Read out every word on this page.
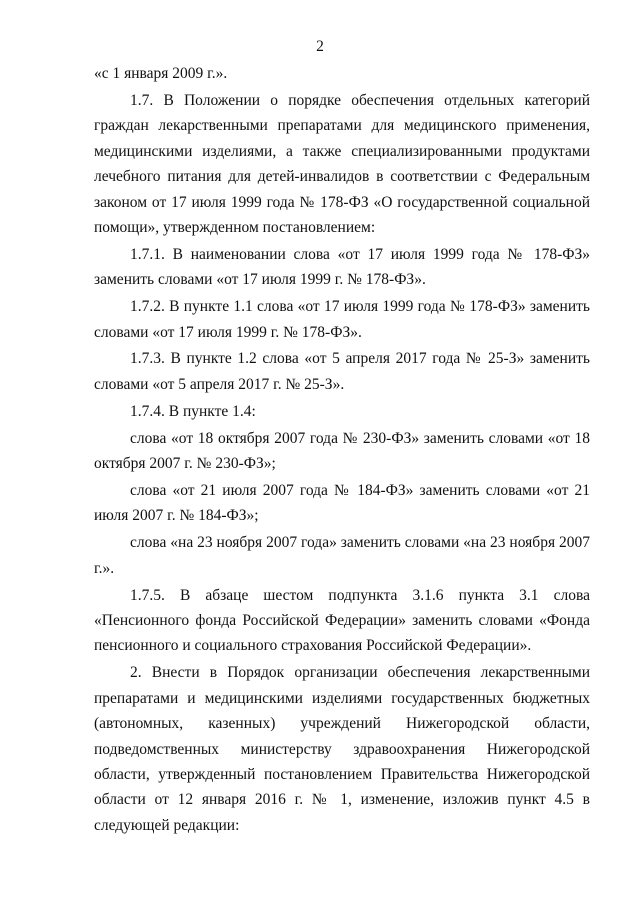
2

«с 1 января 2009 г.».

1.7. В Положении о порядке обеспечения отдельных категорий граждан лекарственными препаратами для медицинского применения, медицинскими изделиями, а также специализированными продуктами лечебного питания для детей-инвалидов в соответствии с Федеральным законом от 17 июля 1999 года № 178-ФЗ «О государственной социальной помощи», утвержденном постановлением:

1.7.1. В наименовании слова «от 17 июля 1999 года № 178-ФЗ» заменить словами «от 17 июля 1999 г. № 178-ФЗ».

1.7.2. В пункте 1.1 слова «от 17 июля 1999 года № 178-ФЗ» заменить словами «от 17 июля 1999 г. № 178-ФЗ».

1.7.3. В пункте 1.2 слова «от 5 апреля 2017 года № 25-З» заменить словами «от 5 апреля 2017 г. № 25-З».

1.7.4. В пункте 1.4:

слова «от 18 октября 2007 года № 230-ФЗ» заменить словами «от 18 октября 2007 г. № 230-ФЗ»;

слова «от 21 июля 2007 года № 184-ФЗ» заменить словами «от 21 июля 2007 г. № 184-ФЗ»;

слова «на 23 ноября 2007 года» заменить словами «на 23 ноября 2007 г.».

1.7.5. В абзаце шестом подпункта 3.1.6 пункта 3.1 слова «Пенсионного фонда Российской Федерации» заменить словами «Фонда пенсионного и социального страхования Российской Федерации».

2. Внести в Порядок организации обеспечения лекарственными препаратами и медицинскими изделиями государственных бюджетных (автономных, казенных) учреждений Нижегородской области, подведомственных министерству здравоохранения Нижегородской области, утвержденный постановлением Правительства Нижегородской области от 12 января 2016 г. № 1, изменение, изложив пункт 4.5 в следующей редакции:
